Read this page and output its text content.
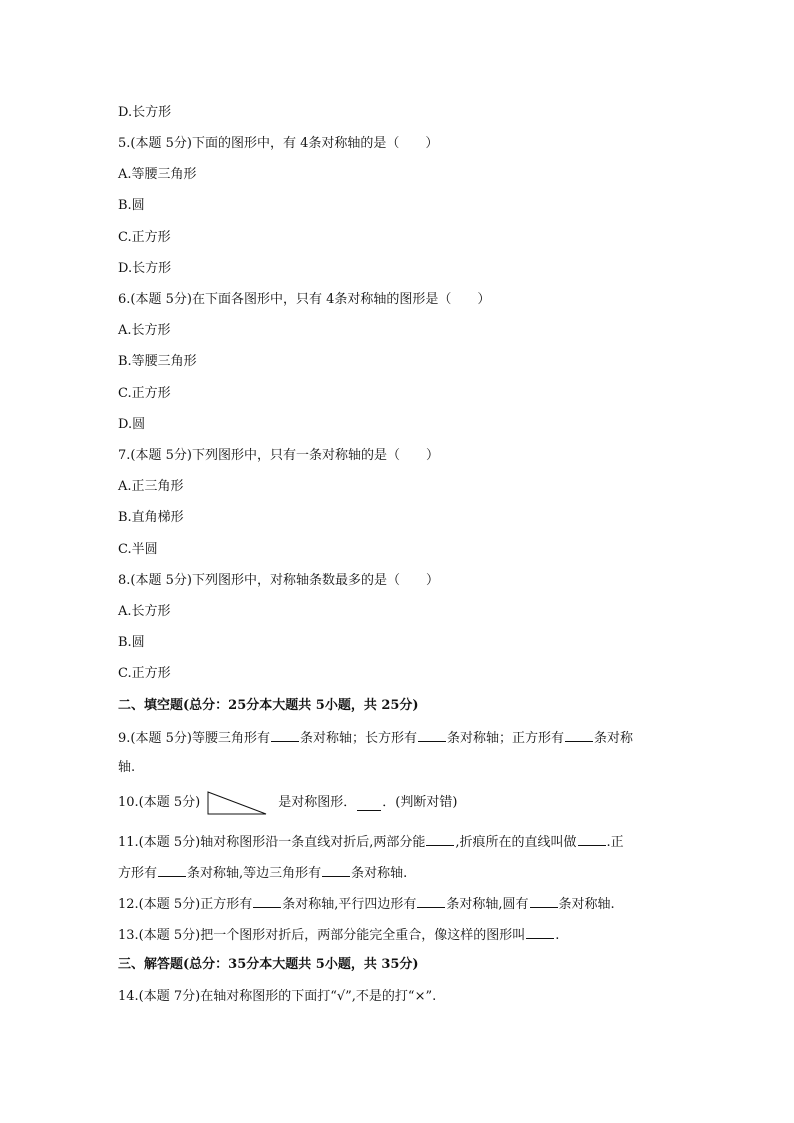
D.长方形
5.(本题 5分)下面的图形中，有 4条对称轴的是（　　）
A.等腰三角形
B.圆
C.正方形
D.长方形
6.(本题 5分)在下面各图形中，只有 4条对称轴的图形是（　　）
A.长方形
B.等腰三角形
C.正方形
D.圆
7.(本题 5分)下列图形中，只有一条对称轴的是（　　）
A.正三角形
B.直角梯形
C.半圆
8.(本题 5分)下列图形中，对称轴条数最多的是（　　）
A.长方形
B.圆
C.正方形
二、填空题(总分：25分本大题共 5小题，共 25分)
9.(本题 5分)等腰三角形有 条对称轴；长方形有 条对称轴；正方形有 条对称
轴.
10.(本题 5分)	是对称图形． ．(判断对错)
11.(本题 5分)轴对称图形沿一条直线对折后,两部分能 ,折痕所在的直线叫做 .正
方形有 条对称轴,等边三角形有 条对称轴.
12.(本题 5分)正方形有 条对称轴,平行四边形有 条对称轴,圆有 条对称轴.
13.(本题 5分)把一个图形对折后，两部分能完全重合，像这样的图形叫 .
三、解答题(总分：35分本大题共 5小题，共 35分)
14.(本题 7分)在轴对称图形的下面打“√”,不是的打“×”.
